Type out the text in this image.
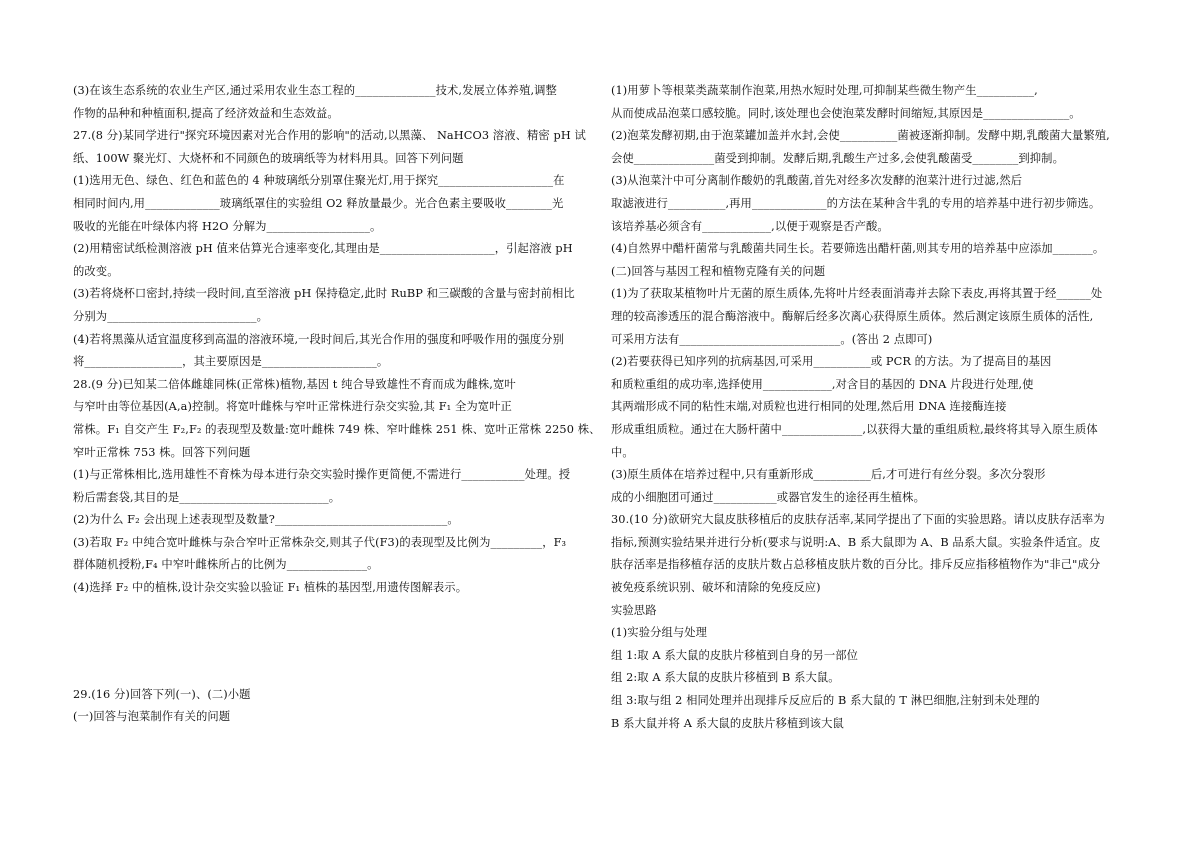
(3)在该生态系统的农业生产区,通过采用农业生态工程的______________技术,发展立体养殖,调整
作物的品种和种植面积,提高了经济效益和生态效益。
27.(8 分)某同学进行"探究环境因素对光合作用的影响"的活动,以黑藻、 NaHCO3 溶液、精密 pH 试
纸、100W 聚光灯、大烧杯和不同颜色的玻璃纸等为材料用具。回答下列问题
(1)选用无色、绿色、红色和蓝色的 4 种玻璃纸分别罩住聚光灯,用于探究____________________在
相同时间内,用_____________玻璃纸罩住的实验组 O2 释放量最少。光合色素主要吸收________光
吸收的光能在叶绿体内将 H2O 分解为__________________。
(2)用精密试纸检测溶液 pH 值来估算光合速率变化,其理由是____________________，引起溶液 pH
的改变。
(3)若将烧杯口密封,持续一段时间,直至溶液 pH 保持稳定,此时 RuBP 和三碳酸的含量与密封前相比
分别为__________________________。
(4)若将黑藻从适宜温度移到高温的溶液环境,一段时间后,其光合作用的强度和呼吸作用的强度分别
将_________________，其主要原因是____________________。
28.(9 分)已知某二倍体雌雄同株(正常株)植物,基因 t 纯合导致雄性不育而成为雌株,宽叶
与窄叶由等位基因(A,a)控制。将宽叶雌株与窄叶正常株进行杂交实验,其 F₁ 全为宽叶正
常株。F₁ 自交产生 F₂,F₂ 的表现型及数量:宽叶雌株 749 株、窄叶雌株 251 株、宽叶正常株 2250 株、
窄叶正常株 753 株。回答下列问题
(1)与正常株相比,选用雄性不育株为母本进行杂交实验时操作更简便,不需进行___________处理。授
粉后需套袋,其目的是__________________________。
(2)为什么 F₂ 会出现上述表现型及数量?______________________________。
(3)若取 F₂ 中纯合宽叶雌株与杂合窄叶正常株杂交,则其子代(F3)的表现型及比例为_________，F₃
群体随机授粉,F₄ 中窄叶雌株所占的比例为______________。
(4)选择 F₂ 中的植株,设计杂交实验以验证 F₁ 植株的基因型,用遗传图解表示。
29.(16 分)回答下列(一)、(二)小题
(一)回答与泡菜制作有关的问题
(1)用萝卜等根菜类蔬菜制作泡菜,用热水短时处理,可抑制某些微生物产生__________,
从而使成品泡菜口感较脆。同时,该处理也会使泡菜发酵时间缩短,其原因是_______________。
(2)泡菜发酵初期,由于泡菜罐加盖并水封,会使__________菌被逐渐抑制。发酵中期,乳酸菌大量繁殖,
会使______________菌受到抑制。发酵后期,乳酸生产过多,会使乳酸菌受________到抑制。
(3)从泡菜汁中可分离制作酸奶的乳酸菌,首先对经多次发酵的泡菜汁进行过滤,然后
取滤液进行__________,再用_____________的方法在某种含牛乳的专用的培养基中进行初步筛选。
该培养基必须含有____________,以便于观察是否产酸。
(4)自然界中醋杆菌常与乳酸菌共同生长。若要筛选出醋杆菌,则其专用的培养基中应添加_______。
(二)回答与基因工程和植物克隆有关的问题
(1)为了获取某植物叶片无菌的原生质体,先将叶片经表面消毒并去除下表皮,再将其置于经______处
理的较高渗透压的混合酶溶液中。酶解后经多次离心获得原生质体。然后测定该原生质体的活性,
可采用方法有____________________________。(答出 2 点即可)
(2)若要获得已知序列的抗病基因,可采用__________或 PCR 的方法。为了提高目的基因
和质粒重组的成功率,选择使用____________,对含目的基因的 DNA 片段进行处理,使
其两端形成不同的粘性末端,对质粒也进行相同的处理,然后用 DNA 连接酶连接
形成重组质粒。通过在大肠杆菌中______________,以获得大量的重组质粒,最终将其导入原生质体
中。
(3)原生质体在培养过程中,只有重新形成__________后,才可进行有丝分裂。多次分裂形
成的小细胞团可通过___________或器官发生的途径再生植株。
30.(10 分)欲研究大鼠皮肤移植后的皮肤存活率,某同学提出了下面的实验思路。请以皮肤存活率为
指标,预测实验结果并进行分析(要求与说明:A、B 系大鼠即为 A、B 品系大鼠。实验条件适宜。皮
肤存活率是指移植存活的皮肤片数占总移植皮肤片数的百分比。排斥反应指移植物作为"非己"成分
被免疫系统识别、破坏和清除的免疫反应)
实验思路
(1)实验分组与处理
组 1:取 A 系大鼠的皮肤片移植到自身的另一部位
组 2:取 A 系大鼠的皮肤片移植到 B 系大鼠。
组 3:取与组 2 相同处理并出现排斥反应后的 B 系大鼠的 T 淋巴细胞,注射到未处理的
B 系大鼠并将 A 系大鼠的皮肤片移植到该大鼠
